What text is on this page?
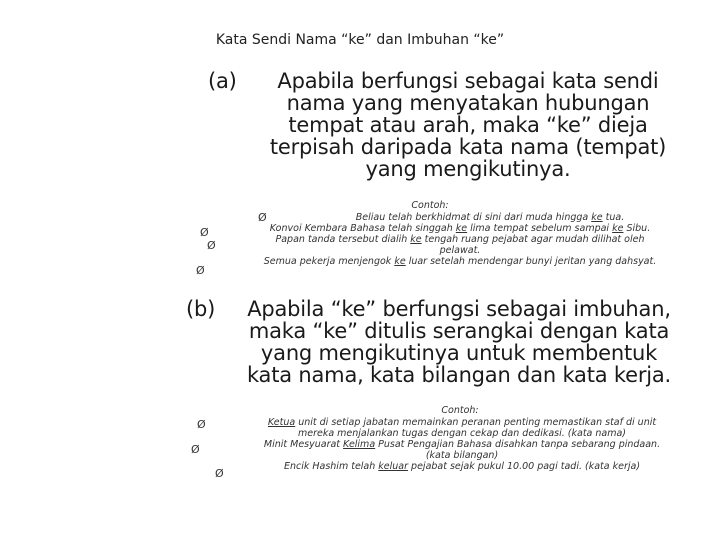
Kata Sendi Nama “ke” dan Imbuhan “ke”
(a)	Apabila berfungsi sebagai kata sendi
nama yang menyatakan hubungan
tempat atau arah, maka “ke” dieja
terpisah daripada kata nama (tempat)
yang mengikutinya.
Contoh:
Ø
Ø
Ø
Ø
Beliau telah berkhidmat di sini dari muda hingga ke tua.
Konvoi Kembara Bahasa telah singgah ke lima tempat sebelum sampai ke Sibu.
Papan tanda tersebut dialih ke tengah ruang pejabat agar mudah dilihat oleh
pelawat.
Semua pekerja menjengok ke luar setelah mendengar bunyi jeritan yang dahsyat.
(b)	Apabila “ke” berfungsi sebagai imbuhan,
maka “ke” ditulis serangkai dengan kata
yang mengikutinya untuk membentuk
kata nama, kata bilangan dan kata kerja.
Contoh:
Ø
Ø
Ø
Ketua unit di setiap jabatan memainkan peranan penting memastikan staf di unit
mereka menjalankan tugas dengan cekap dan dedikasi. (kata nama)
Minit Mesyuarat Kelima Pusat Pengajian Bahasa disahkan tanpa sebarang pindaan.
(kata bilangan)
Encik Hashim telah keluar pejabat sejak pukul 10.00 pagi tadi. (kata kerja)
